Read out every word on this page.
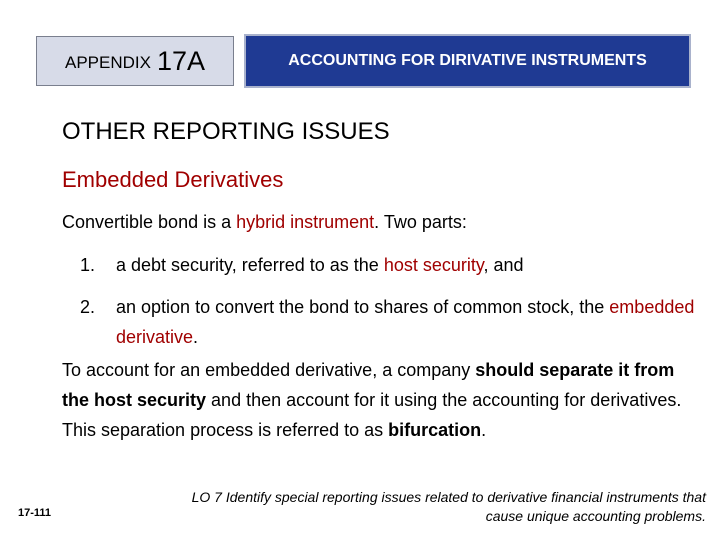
APPENDIX 17A	ACCOUNTING FOR DIRIVATIVE INSTRUMENTS
OTHER REPORTING ISSUES
Embedded Derivatives
Convertible bond is a hybrid instrument. Two parts:
1. a debt security, referred to as the host security, and
2. an option to convert the bond to shares of common stock, the embedded derivative.
To account for an embedded derivative, a company should separate it from the host security and then account for it using the accounting for derivatives. This separation process is referred to as bifurcation.
17-111
LO 7 Identify special reporting issues related to derivative financial instruments that cause unique accounting problems.
